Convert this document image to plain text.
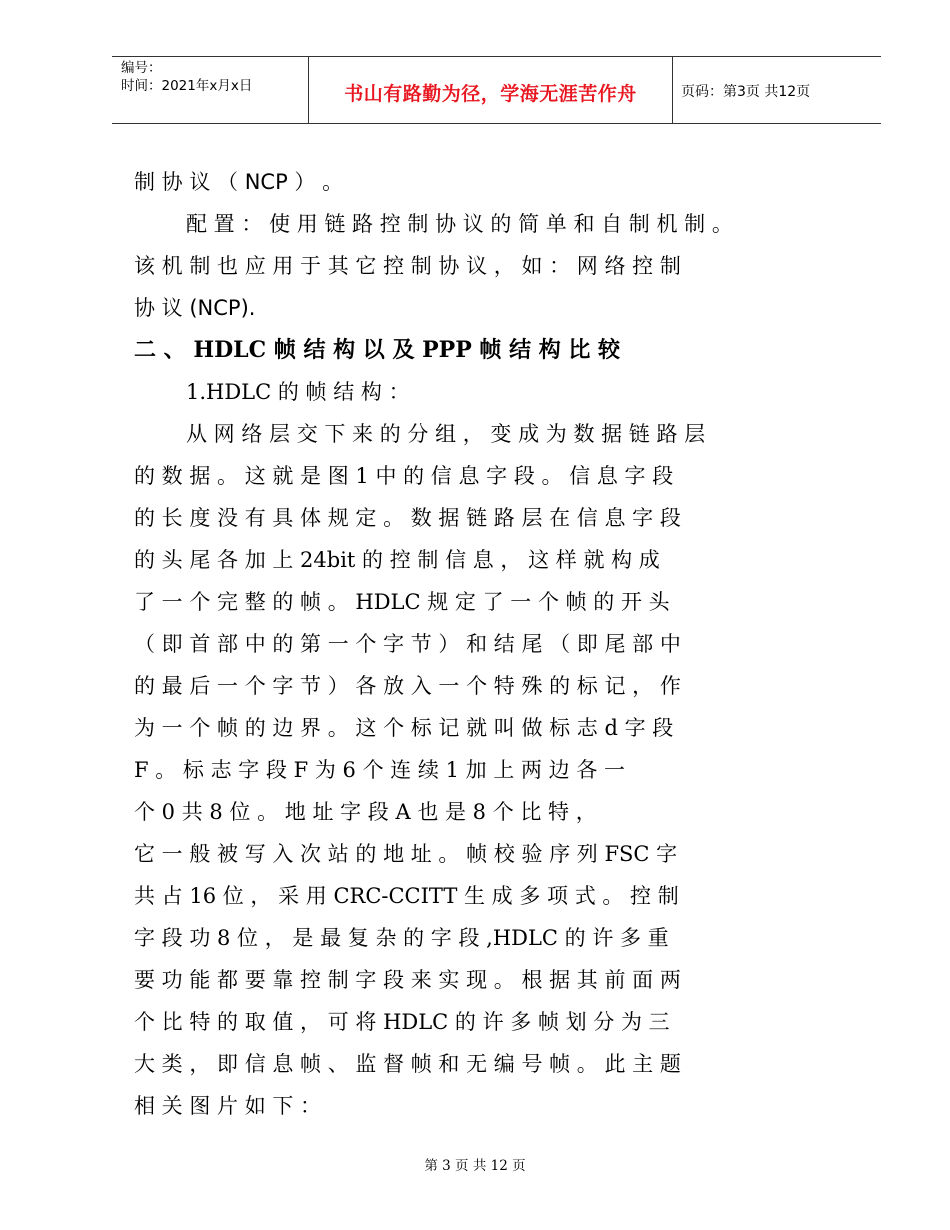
编号：
时间：2021年x月x日	书山有路勤为径，学海无涯苦作舟	页码：第3页 共12页
制 协 议 （ NCP ） 。
配 置 ： 使 用 链 路 控 制 协 议 的 简 单 和 自 制 机 制 。
该 机 制 也 应 用 于 其 它 控 制 协 议 ， 如 ： 网 络 控 制
协 议 (NCP).
二 、 HDLC 帧 结 构 以 及 PPP 帧 结 构 比 较
1.HDLC 的 帧 结 构 ：
从 网 络 层 交 下 来 的 分 组 ， 变 成 为 数 据 链 路 层
的 数 据 。 这 就 是 图 1 中 的 信 息 字 段 。 信 息 字 段
的 长 度 没 有 具 体 规 定 。 数 据 链 路 层 在 信 息 字 段
的 头 尾 各 加 上 24bit 的 控 制 信 息 ， 这 样 就 构 成
了 一 个 完 整 的 帧 。 HDLC 规 定 了 一 个 帧 的 开 头
（ 即 首 部 中 的 第 一 个 字 节 ） 和 结 尾 （ 即 尾 部 中
的 最 后 一 个 字 节 ） 各 放 入 一 个 特 殊 的 标 记 ， 作
为 一 个 帧 的 边 界 。 这 个 标 记 就 叫 做 标 志 d 字 段
F 。 标 志 字 段 F 为 6 个 连 续 1 加 上 两 边 各 一
个 0 共 8 位 。 地 址 字 段 A 也 是 8 个 比 特 ，
它 一 般 被 写 入 次 站 的 地 址 。 帧 校 验 序 列 FSC 字
共 占 16 位 ， 采 用 CRC-CCITT 生 成 多 项 式 。 控 制
字 段 功 8 位 ， 是 最 复 杂 的 字 段 ,HDLC 的 许 多 重
要 功 能 都 要 靠 控 制 字 段 来 实 现 。 根 据 其 前 面 两
个 比 特 的 取 值 ， 可 将 HDLC 的 许 多 帧 划 分 为 三
大 类 ， 即 信 息 帧 、 监 督 帧 和 无 编 号 帧 。 此 主 题
相 关 图 片 如 下 ：
第 3 页 共 12 页
